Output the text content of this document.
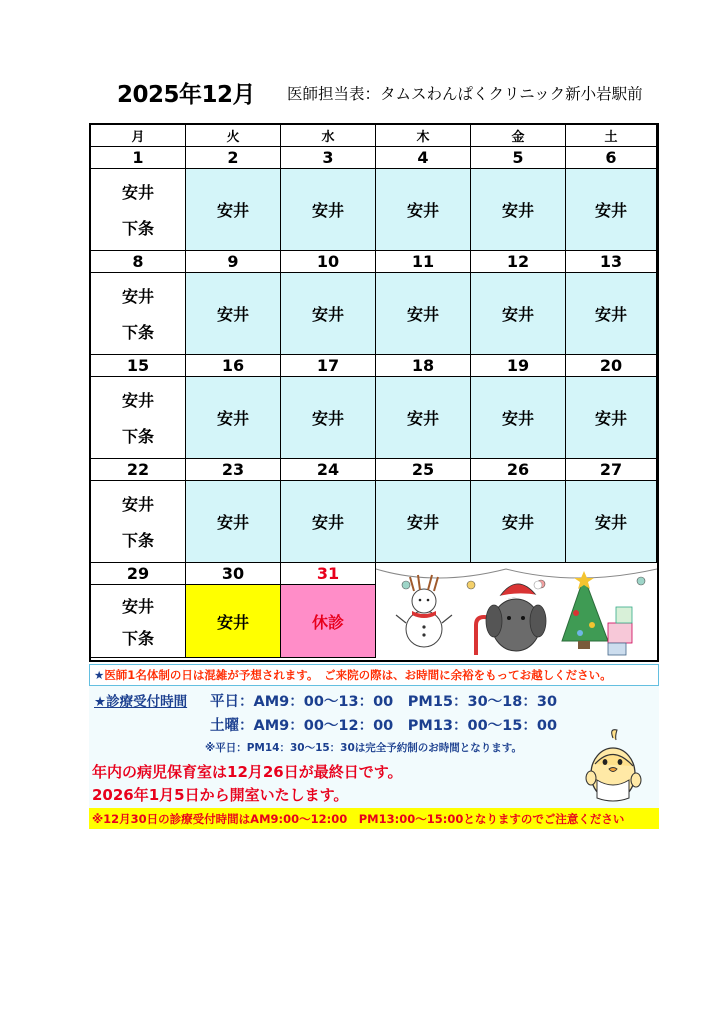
2025年12月 医師担当表：タムスわんぱくクリニック新小岩駅前
月	火	水	木	金	土
1	2	3	4	5	6
安井
下条
安井	安井	安井	安井	安井
8	9	10	11	12	13
安井
下条
安井	安井	安井	安井	安井
15	16	17	18	19	20
安井
下条
安井	安井	安井	安井	安井
22	23	24	25	26	27
安井
下条
安井	安井	安井	安井	安井
29	30	31
安井
下条
安井	休診
★医師1名体制の日は混雑が予想されます。　ご来院の際は、お時間に余裕をもってお越しください。
★診療受付時間 平日：AM9：00～13：00　PM15：30～18：30
土曜：AM9：00～12：00　PM13：00～15：00
※平日：PM14：30～15：30は完全予約制のお時間となります。
年内の病児保育室は12月26日が最終日です。
2026年1月5日から開室いたします。
※12月30日の診療受付時間はAM9:00～12:00　PM13:00～15:00となりますのでご注意ください
